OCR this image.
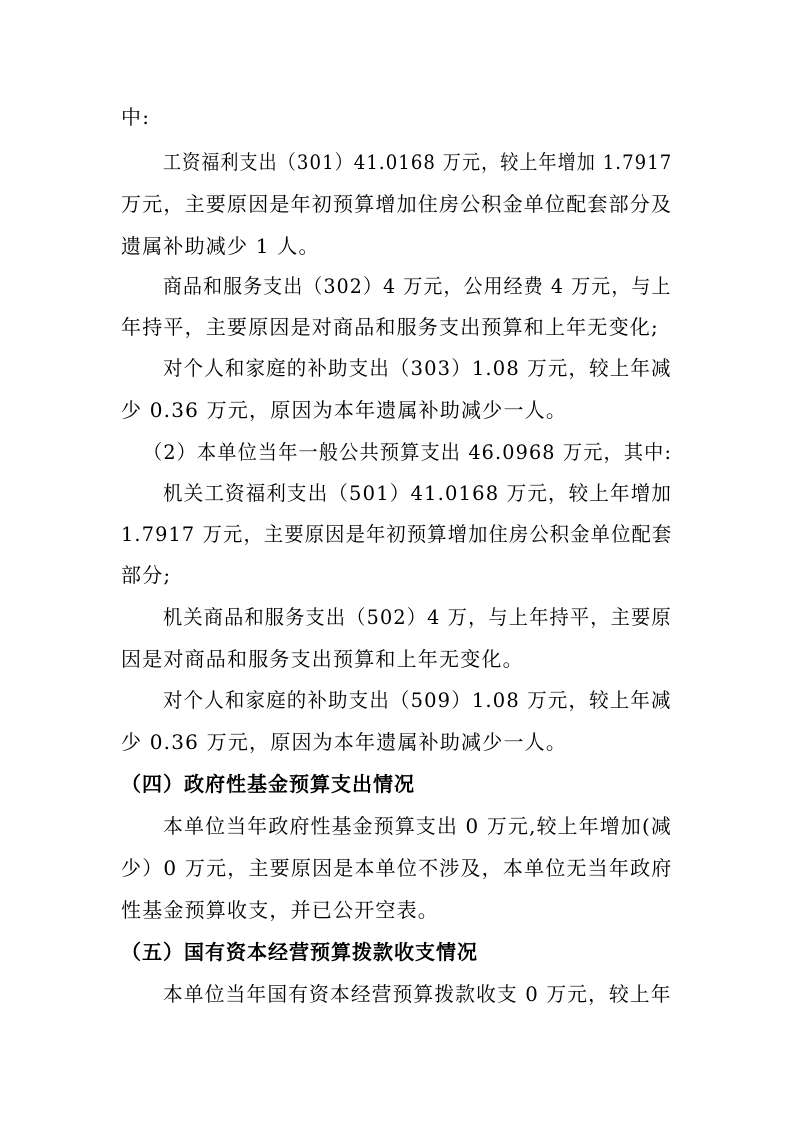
中:
工资福利支出（301）41.0168 万元，较上年增加 1.7917
万元，主要原因是年初预算增加住房公积金单位配套部分及
遗属补助减少 1 人。
商品和服务支出（302）4 万元，公用经费 4 万元，与上
年持平，主要原因是对商品和服务支出预算和上年无变化;
对个人和家庭的补助支出（303）1.08 万元，较上年减
少 0.36 万元，原因为本年遗属补助减少一人。
（2）本单位当年一般公共预算支出 46.0968 万元，其中:
机关工资福利支出（501）41.0168 万元，较上年增加
1.7917 万元，主要原因是年初预算增加住房公积金单位配套
部分;
机关商品和服务支出（502）4 万，与上年持平，主要原
因是对商品和服务支出预算和上年无变化。
对个人和家庭的补助支出（509）1.08 万元，较上年减
少 0.36 万元，原因为本年遗属补助减少一人。
（四）政府性基金预算支出情况
本单位当年政府性基金预算支出 0 万元,较上年增加(减
少）0 万元，主要原因是本单位不涉及，本单位无当年政府
性基金预算收支，并已公开空表。
（五）国有资本经营预算拨款收支情况
本单位当年国有资本经营预算拨款收支 0 万元，较上年
